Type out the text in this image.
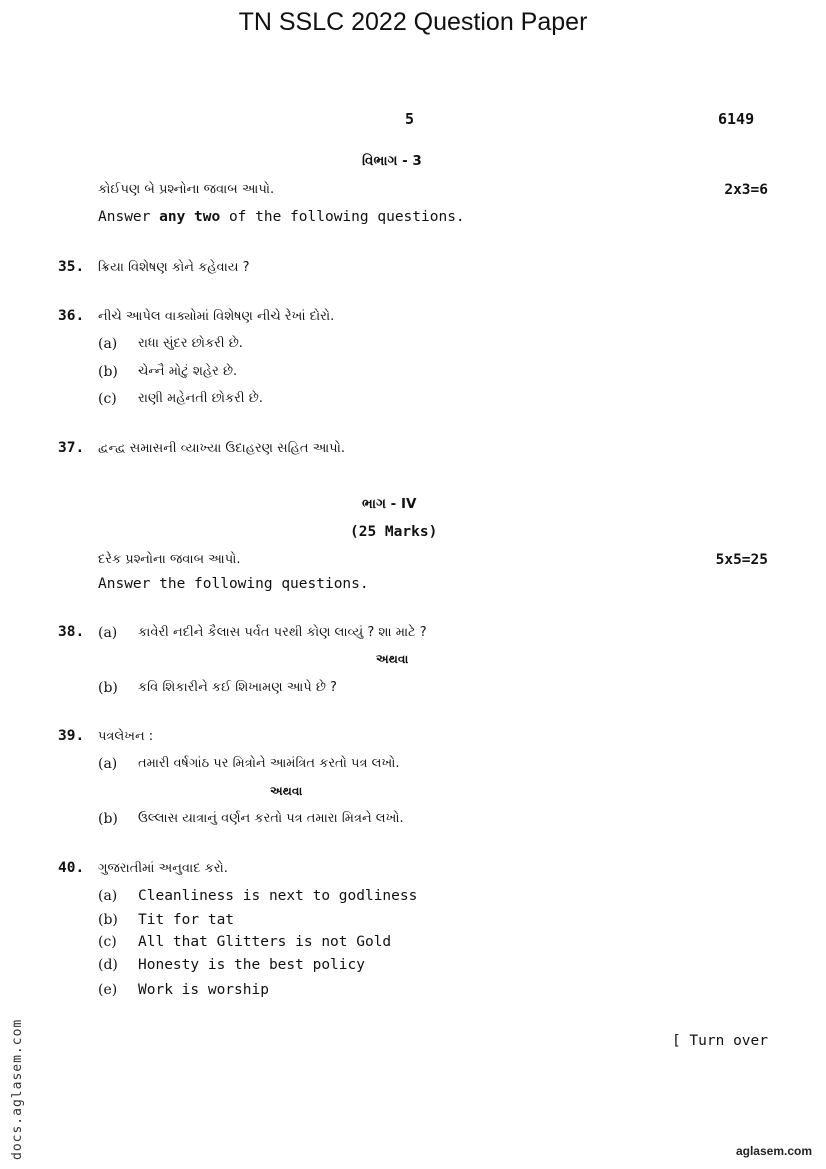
TN SSLC 2022 Question Paper
5	6149
વિભાગ - 3
કોઈપણ બે પ્રશ્નોના જવાબ આપો.	2x3=6
Answer any two of the following questions.
35. ક્રિયા વિશેષણ કોને કહેવાય ?
36. નીચે આપેલ વાક્યોમાં વિશેષણ નીચે રેખાં દોરો.
(a) રાધા સુંદર છોકરી છે.
(b) ચેન્નૈ મોટું શહેર છે.
(c) રાણી મહેનતી છોકરી છે.
37. દ્વન્દ્વ સમાસની વ્યાખ્યા ઉદાહરણ સહિત આપો.
ભાગ - IV
(25 Marks)
દરેક પ્રશ્નોના જવાબ આપો.	5x5=25
Answer the following questions.
38. (a) કાવેરી નદીને કૈલાસ પર્વત પરથી કોણ લાવ્યું ? શા માટે ?
અથવા
(b) કવિ શિકારીને કઈ શિખામણ આપે છે ?
39. પત્રલેખન :
(a) તમારી વર્ષગાંઠ પર મિત્રોને આમંત્રિત કરતો પત્ર લખો.
અથવા
(b) ઉલ્લાસ યાત્રાનું વર્ણન કરતો પત્ર તમારા મિત્રને લખો.
40. ગુજરાતીમાં અનુવાદ કરો.
(a) Cleanliness is next to godliness
(b) Tit for tat
(c) All that Glitters is not Gold
(d) Honesty is the best policy
(e) Work is worship
[ Turn over
docs.aglasem.com	aglasem.com
